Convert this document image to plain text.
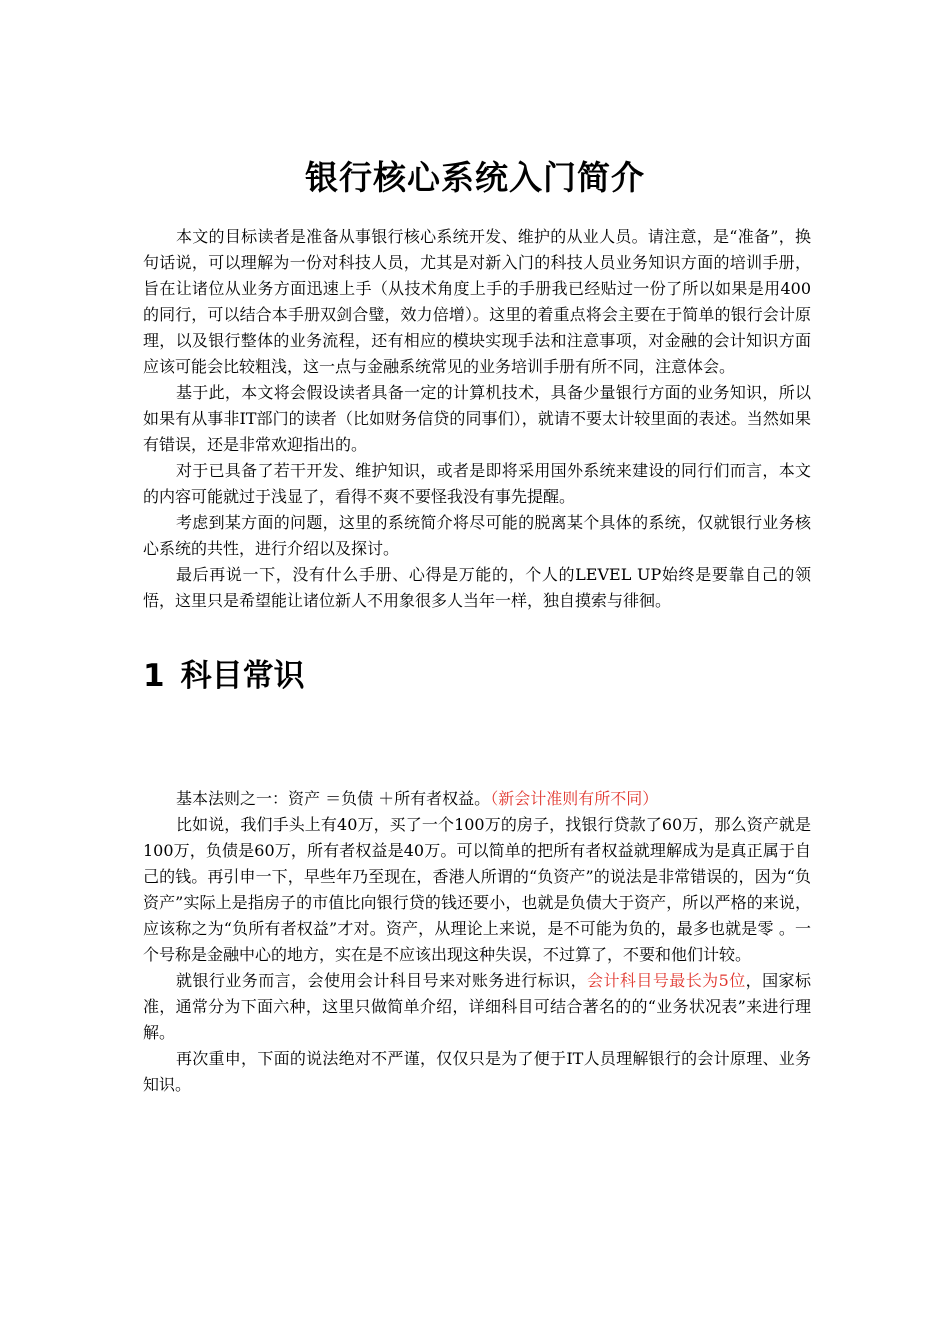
银行核心系统入门简介

本文的目标读者是准备从事银行核心系统开发、维护的从业人员。请注意，是“准备”，换句话说，可以理解为一份对科技人员，尤其是对新入门的科技人员业务知识方面的培训手册，旨在让诸位从业务方面迅速上手（从技术角度上手的手册我已经贴过一份了所以如果是用400的同行，可以结合本手册双剑合璧，效力倍增）。这里的着重点将会主要在于简单的银行会计原理，以及银行整体的业务流程，还有相应的模块实现手法和注意事项，对金融的会计知识方面应该可能会比较粗浅，这一点与金融系统常见的业务培训手册有所不同，注意体会。

基于此，本文将会假设读者具备一定的计算机技术，具备少量银行方面的业务知识，所以如果有从事非IT部门的读者（比如财务信贷的同事们），就请不要太计较里面的表述。当然如果有错误，还是非常欢迎指出的。

对于已具备了若干开发、维护知识，或者是即将采用国外系统来建设的同行们而言，本文的内容可能就过于浅显了，看得不爽不要怪我没有事先提醒。

考虑到某方面的问题，这里的系统简介将尽可能的脱离某个具体的系统，仅就银行业务核心系统的共性，进行介绍以及探讨。

最后再说一下，没有什么手册、心得是万能的，个人的LEVEL UP始终是要靠自己的领悟，这里只是希望能让诸位新人不用象很多人当年一样，独自摸索与徘徊。

1 科目常识

基本法则之一：资产 ＝负债 ＋所有者权益。（新会计准则有所不同）

比如说，我们手头上有40万，买了一个100万的房子，找银行贷款了60万，那么资产就是100万，负债是60万，所有者权益是40万。可以简单的把所有者权益就理解成为是真正属于自己的钱。再引申一下，早些年乃至现在，香港人所谓的“负资产”的说法是非常错误的，因为“负资产”实际上是指房子的市值比向银行贷的钱还要小，也就是负债大于资产，所以严格的来说，应该称之为“负所有者权益”才对。资产，从理论上来说，是不可能为负的，最多也就是零 。一个号称是金融中心的地方，实在是不应该出现这种失误，不过算了，不要和他们计较。

就银行业务而言，会使用会计科目号来对账务进行标识，会计科目号最长为5位，国家标准，通常分为下面六种，这里只做简单介绍，详细科目可结合著名的的“业务状况表”来进行理解。

再次重申，下面的说法绝对不严谨，仅仅只是为了便于IT人员理解银行的会计原理、业务知识。
